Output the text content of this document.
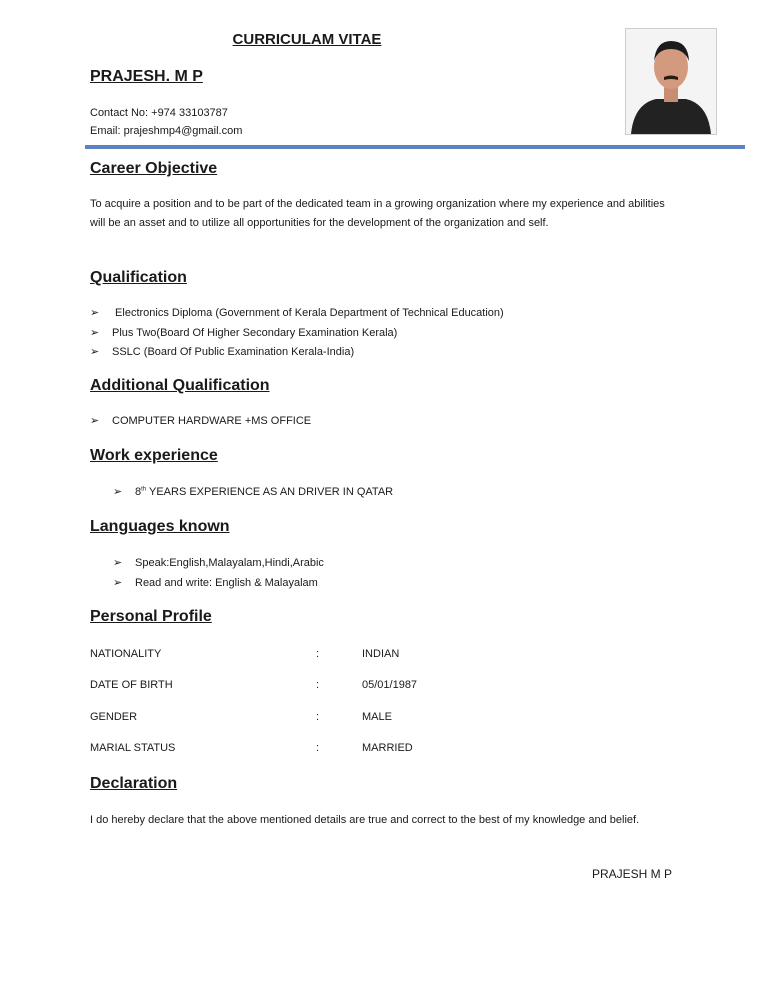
CURRICULAM VITAE
PRAJESH. M P
Contact No: +974 33103787
Email: prajeshmp4@gmail.com
Career Objective
To acquire a position and to be part of the dedicated team in a growing organization where my experience and abilities will be an asset and to utilize all opportunities for the development of the organization and self.
Qualification
➢ Electronics Diploma (Government of Kerala Department of Technical Education)
➢ Plus Two(Board Of Higher Secondary Examination Kerala)
➢ SSLC (Board Of Public Examination Kerala-India)
Additional Qualification
➢ COMPUTER HARDWARE +MS OFFICE
Work experience
➢ 8th YEARS EXPERIENCE AS AN DRIVER IN QATAR
Languages known
➢ Speak:English,Malayalam,Hindi,Arabic
➢ Read and write: English & Malayalam
Personal Profile
NATIONALITY	:	INDIAN
DATE OF BIRTH	:	05/01/1987
GENDER	:	MALE
MARIAL STATUS	:	MARRIED
Declaration
I do hereby declare that the above mentioned details are true and correct to the best of my knowledge and belief.
PRAJESH M P
